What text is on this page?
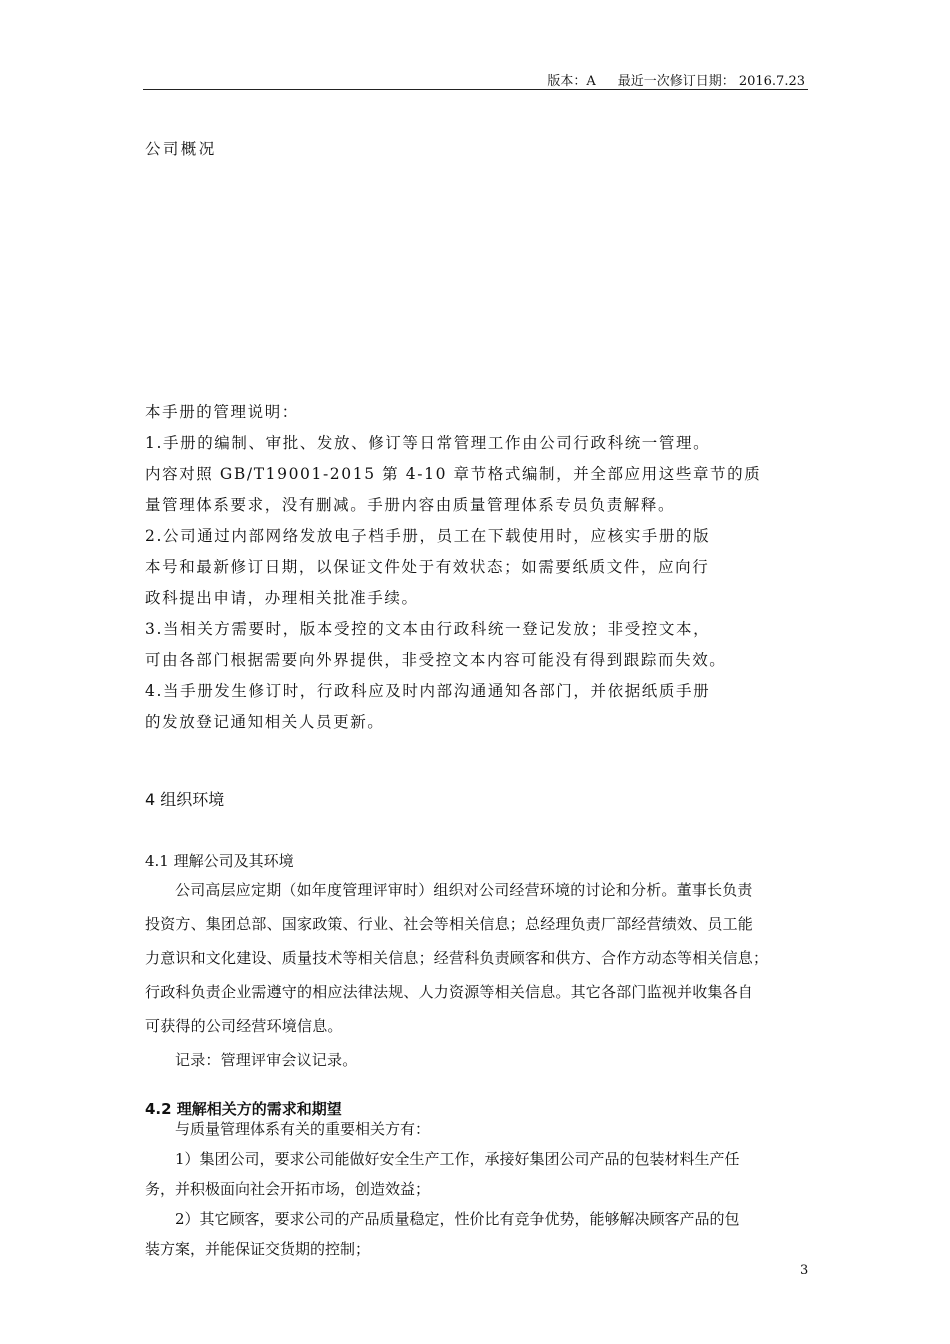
版本：A 最近一次修订日期： 2016.7.23
公司概况
本手册的管理说明：
1.手册的编制、审批、发放、修订等日常管理工作由公司行政科统一管理。
内容对照 GB/T19001-2015 第 4-10 章节格式编制，并全部应用这些章节的质
量管理体系要求，没有删减。手册内容由质量管理体系专员负责解释。
2.公司通过内部网络发放电子档手册，员工在下载使用时，应核实手册的版
本号和最新修订日期，以保证文件处于有效状态；如需要纸质文件，应向行
政科提出申请，办理相关批准手续。
3.当相关方需要时，版本受控的文本由行政科统一登记发放；非受控文本，
可由各部门根据需要向外界提供，非受控文本内容可能没有得到跟踪而失效。
4.当手册发生修订时，行政科应及时内部沟通通知各部门，并依据纸质手册
的发放登记通知相关人员更新。
4 组织环境
4.1 理解公司及其环境
公司高层应定期（如年度管理评审时）组织对公司经营环境的讨论和分析。董事长负责
投资方、集团总部、国家政策、行业、社会等相关信息；总经理负责厂部经营绩效、员工能
力意识和文化建设、质量技术等相关信息；经营科负责顾客和供方、合作方动态等相关信息；
行政科负责企业需遵守的相应法律法规、人力资源等相关信息。其它各部门监视并收集各自
可获得的公司经营环境信息。
记录：管理评审会议记录。
4.2 理解相关方的需求和期望
与质量管理体系有关的重要相关方有：
1）集团公司，要求公司能做好安全生产工作，承接好集团公司产品的包装材料生产任
务，并积极面向社会开拓市场，创造效益；
2）其它顾客，要求公司的产品质量稳定，性价比有竞争优势，能够解决顾客产品的包
装方案，并能保证交货期的控制；
3
